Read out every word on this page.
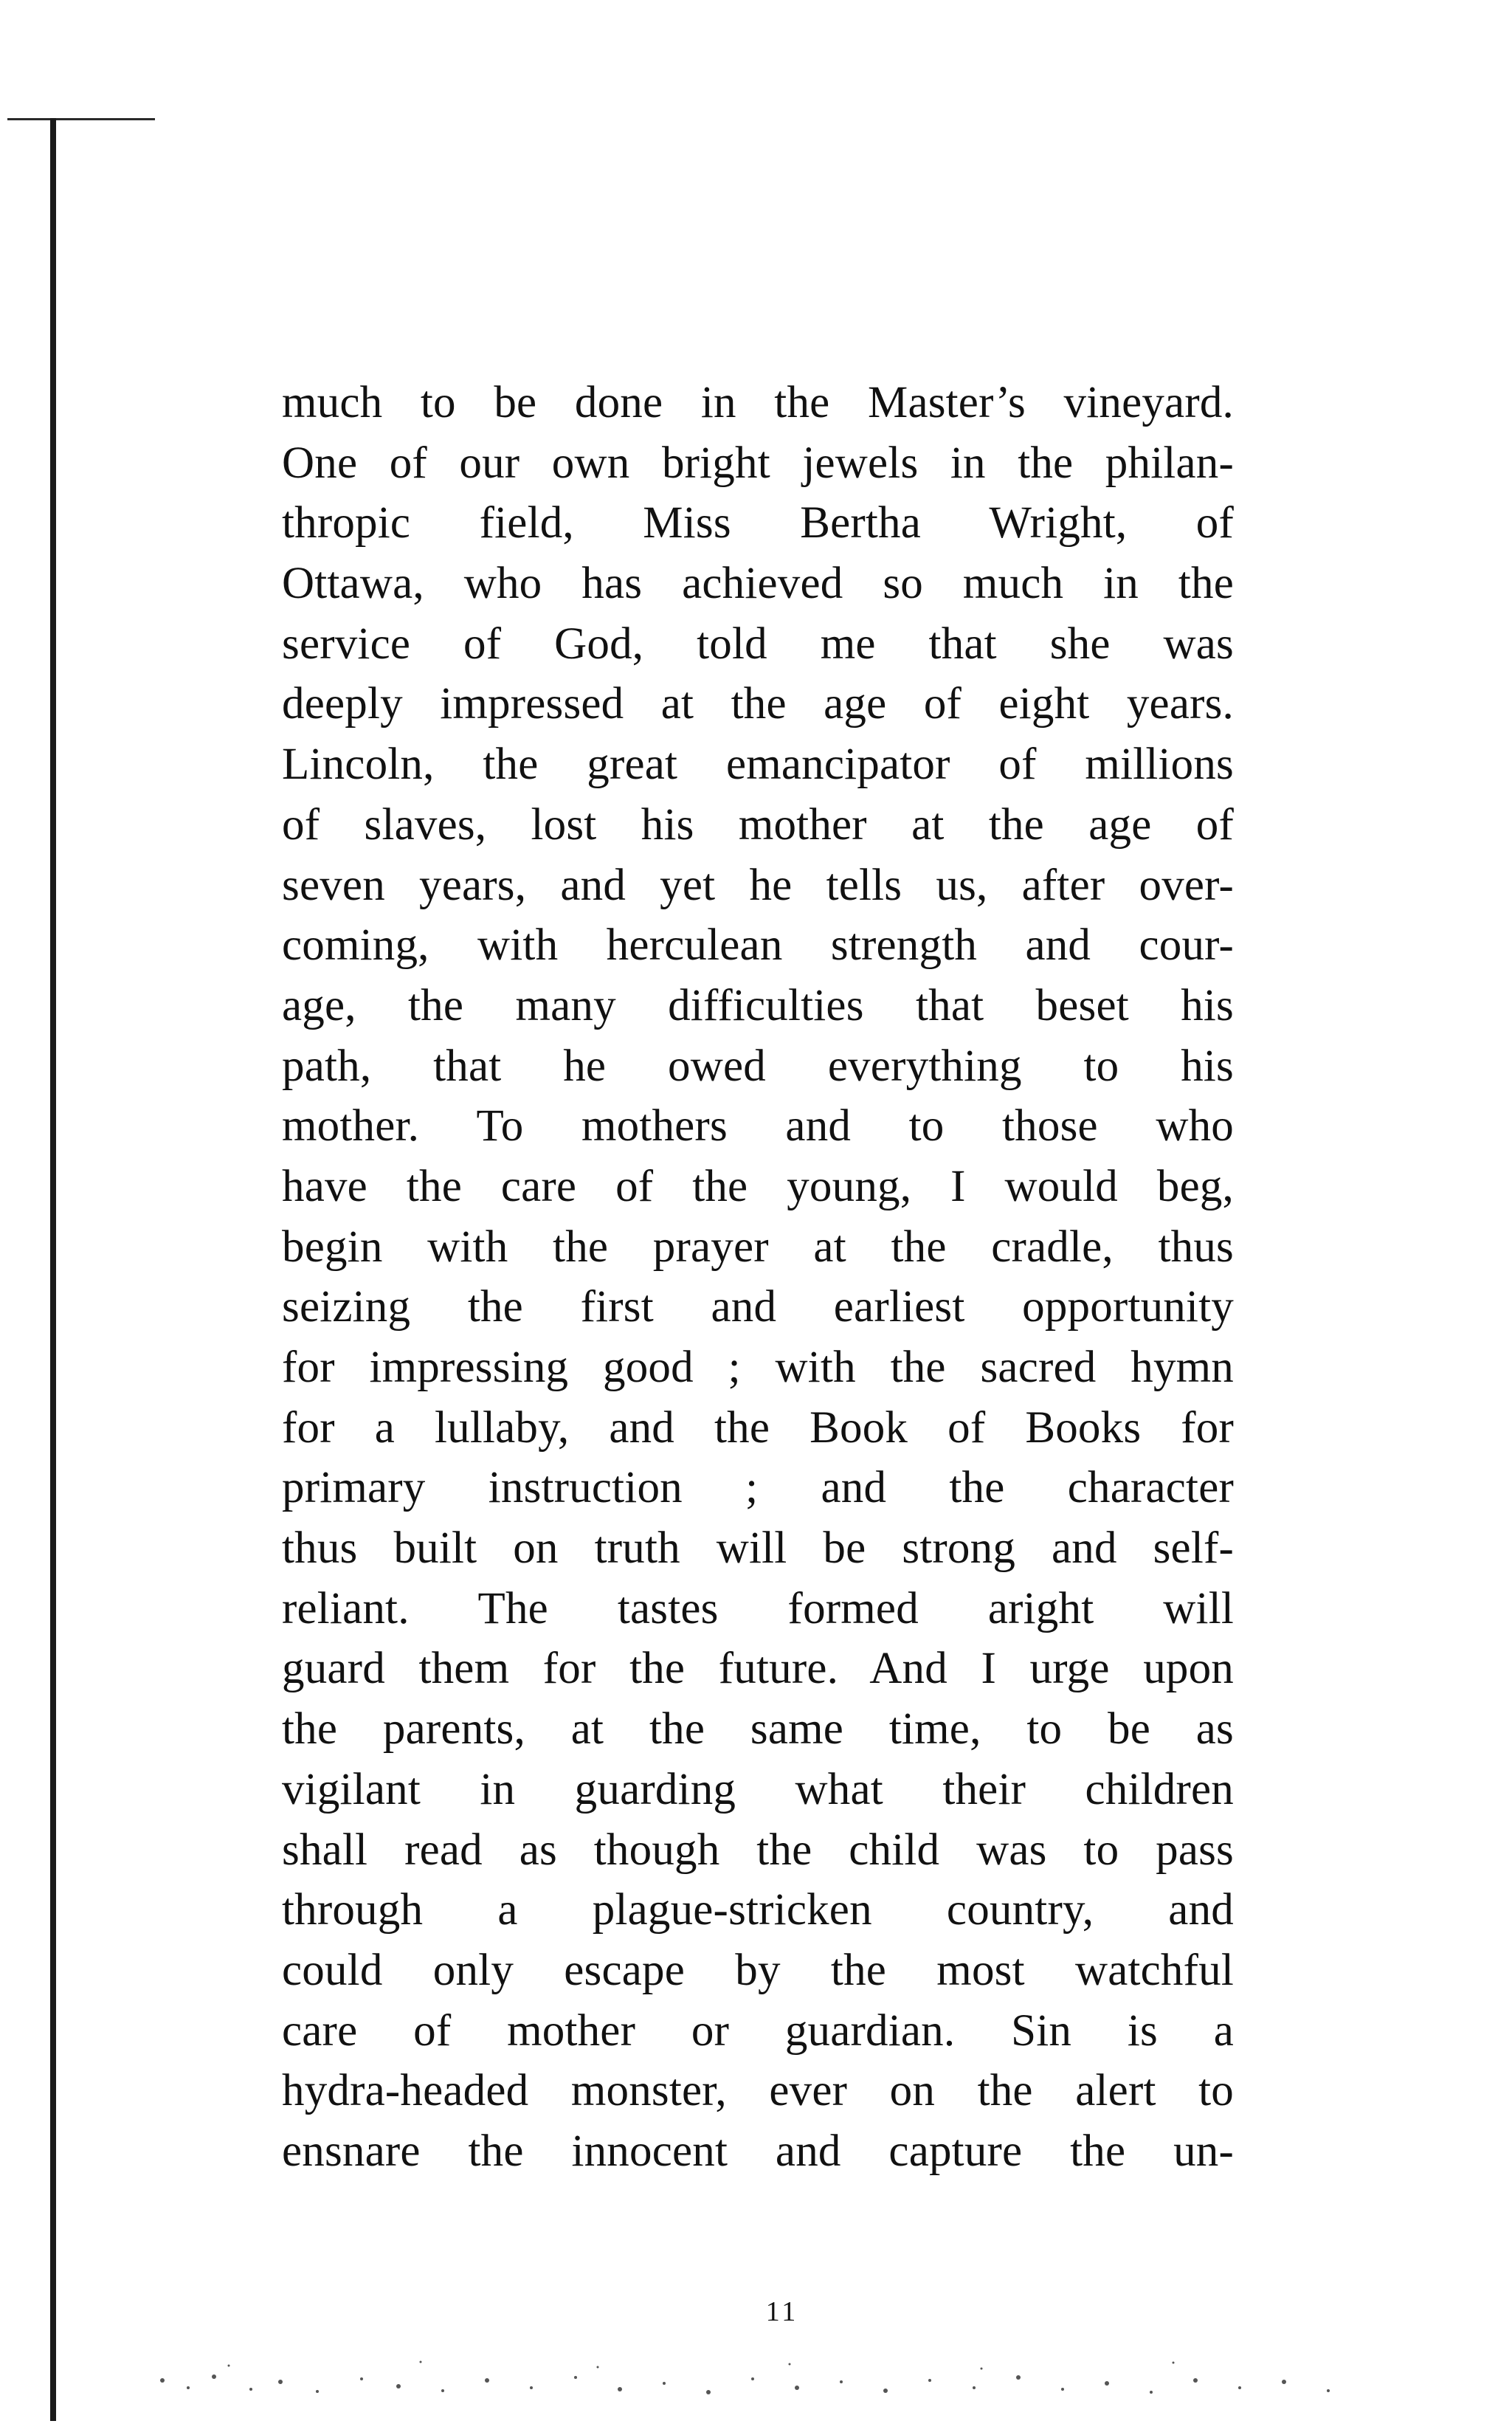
much to be done in the Master’s vineyard.
One of our own bright jewels in the philan-
thropic field, Miss Bertha Wright, of
Ottawa, who has achieved so much in the
service of God, told me that she was
deeply impressed at the age of eight years.
Lincoln, the great emancipator of millions
of slaves, lost his mother at the age of
seven years, and yet he tells us, after over-
coming, with herculean strength and cour-
age, the many difficulties that beset his
path, that he owed everything to his
mother. To mothers and to those who
have the care of the young, I would beg,
begin with the prayer at the cradle, thus
seizing the first and earliest opportunity
for impressing good ; with the sacred hymn
for a lullaby, and the Book of Books for
primary instruction ; and the character
thus built on truth will be strong and self-
reliant. The tastes formed aright will
guard them for the future. And I urge upon
the parents, at the same time, to be as
vigilant in guarding what their children
shall read as though the child was to pass
through a plague-stricken country, and
could only escape by the most watchful
care of mother or guardian. Sin is a
hydra-headed monster, ever on the alert to
ensnare the innocent and capture the un-
11
